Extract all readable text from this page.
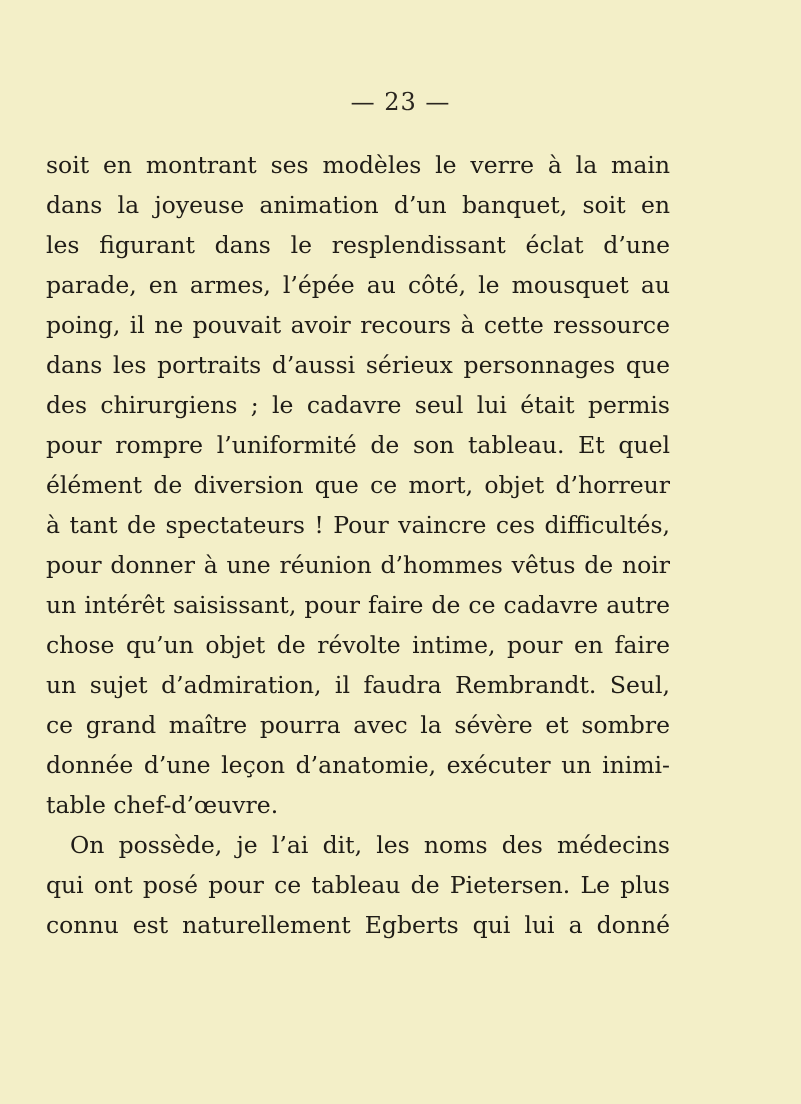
— 23 —
soit en montrant ses modèles le verre à la main
dans la joyeuse animation d’un banquet, soit en
les figurant dans le resplendissant éclat d’une
parade, en armes, l’épée au côté, le mousquet au
poing, il ne pouvait avoir recours à cette ressource
dans les portraits d’aussi sérieux personnages que
des chirurgiens ; le cadavre seul lui était permis
pour rompre l’uniformité de son tableau. Et quel
élément de diversion que ce mort, objet d’horreur
à tant de spectateurs ! Pour vaincre ces difficultés,
pour donner à une réunion d’hommes vêtus de noir
un intérêt saisissant, pour faire de ce cadavre autre
chose qu’un objet de révolte intime, pour en faire
un sujet d’admiration, il faudra Rembrandt. Seul,
ce grand maître pourra avec la sévère et sombre
donnée d’une leçon d’anatomie, exécuter un inimi-
table chef-d’œuvre.
On possède, je l’ai dit, les noms des médecins
qui ont posé pour ce tableau de Pietersen. Le plus
connu est naturellement Egberts qui lui a donné
